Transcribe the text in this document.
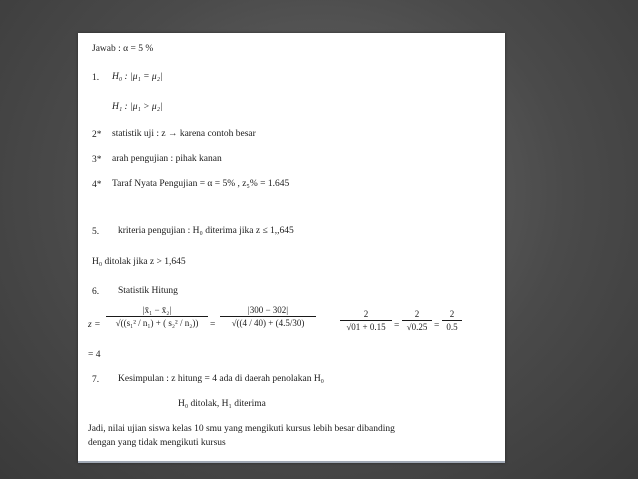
Jawab : α = 5 %
1. H₀ : |μ₁ = μ₂|
H₁ : |μ₁ > μ₂|
2* statistik uji : z → karena contoh besar
3* arah pengujian : pihak kanan
4* Taraf Nyata Pengujian = α = 5% , z₅% = 1.645
5. kriteria pengujian : H₀ diterima jika z ≤ 1,,645
H₀ ditolak jika z > 1,645
6. Statistik Hitung
z =
|x̄₁ − x̄₂|
√((s₁² / n₁) + ( s₂² / n₂))	=
|300 − 302|
√((4 / 40) + (4.5/30)
2
√01 + 0.15 =
2
√0.25 =
2
0.5
= 4
7. Kesimpulan : z hitung = 4 ada di daerah penolakan H₀
H₀ ditolak, H₁ diterima
Jadi, nilai ujian siswa kelas 10 smu yang mengikuti kursus lebih besar dibanding
dengan yang tidak mengikuti kursus
